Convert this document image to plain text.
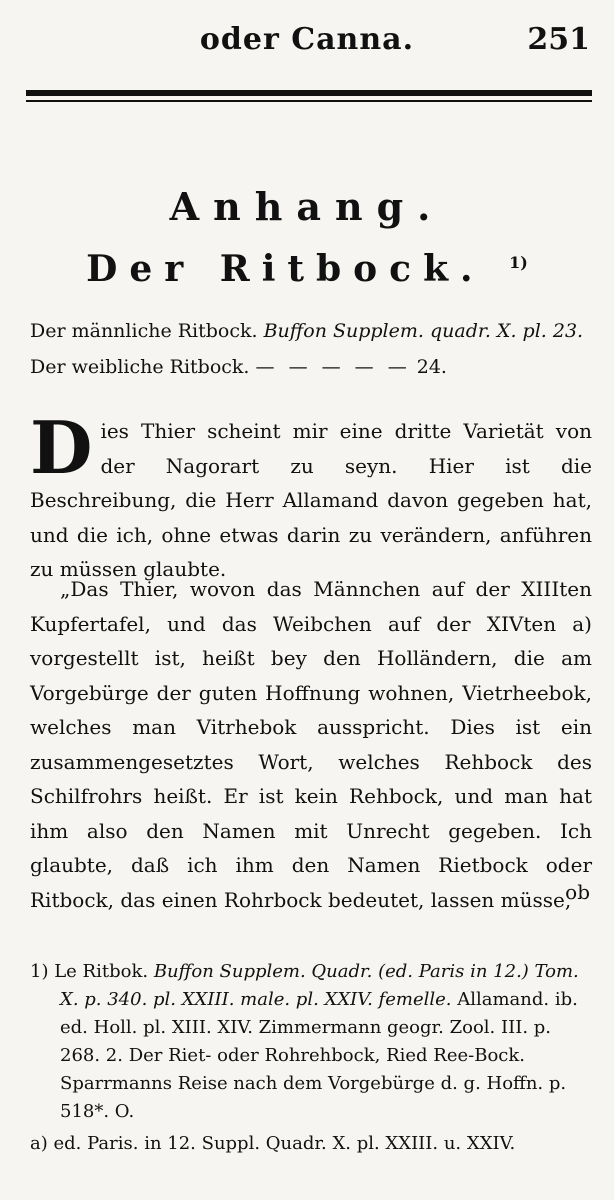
oder Canna.	251
Anhang.
Der Ritbock. $^{1)}$
Der männliche Ritbock. Buffon Supplem. quadr. X. pl. 23.
Der weibliche Ritbock. — — — — — 24.
D ies Thier scheint mir eine dritte Varietät von der Nagorart zu seyn. Hier ist die Beschreibung, die Herr Allamand davon gegeben hat, und die ich, ohne etwas darin zu verändern, anführen zu müssen glaubte.
„Das Thier, wovon das Männchen auf der XIIIten Kupfertafel, und das Weibchen auf der XIVten a) vorgestellt ist, heißt bey den Holländern, die am Vorgebürge der guten Hoffnung wohnen, Vietrheebok, welches man Vitrhebok ausspricht. Dies ist ein zusammengesetztes Wort, welches Rehbock des Schilfrohrs heißt. Er ist kein Rehbock, und man hat ihm also den Namen mit Unrecht gegeben. Ich glaubte, daß ich ihm den Namen Rietbock oder Ritbock, das einen Rohrbock bedeutet, lassen müsse,
ob
1) Le Ritbok. Buffon Supplem. Quadr. (ed. Paris in 12.) Tom. X. p. 340. pl. XXIII. male. pl. XXIV. femelle. Allamand. ib. ed. Holl. pl. XIII. XIV. Zimmermann geogr. Zool. III. p. 268. 2. Der Riet- oder Rohrehbock, Ried Ree-Bock. Sparrmanns Reise nach dem Vorgebürge d. g. Hoffn. p. 518*. O.
a) ed. Paris. in 12. Suppl. Quadr. X. pl. XXIII. u. XXIV.
